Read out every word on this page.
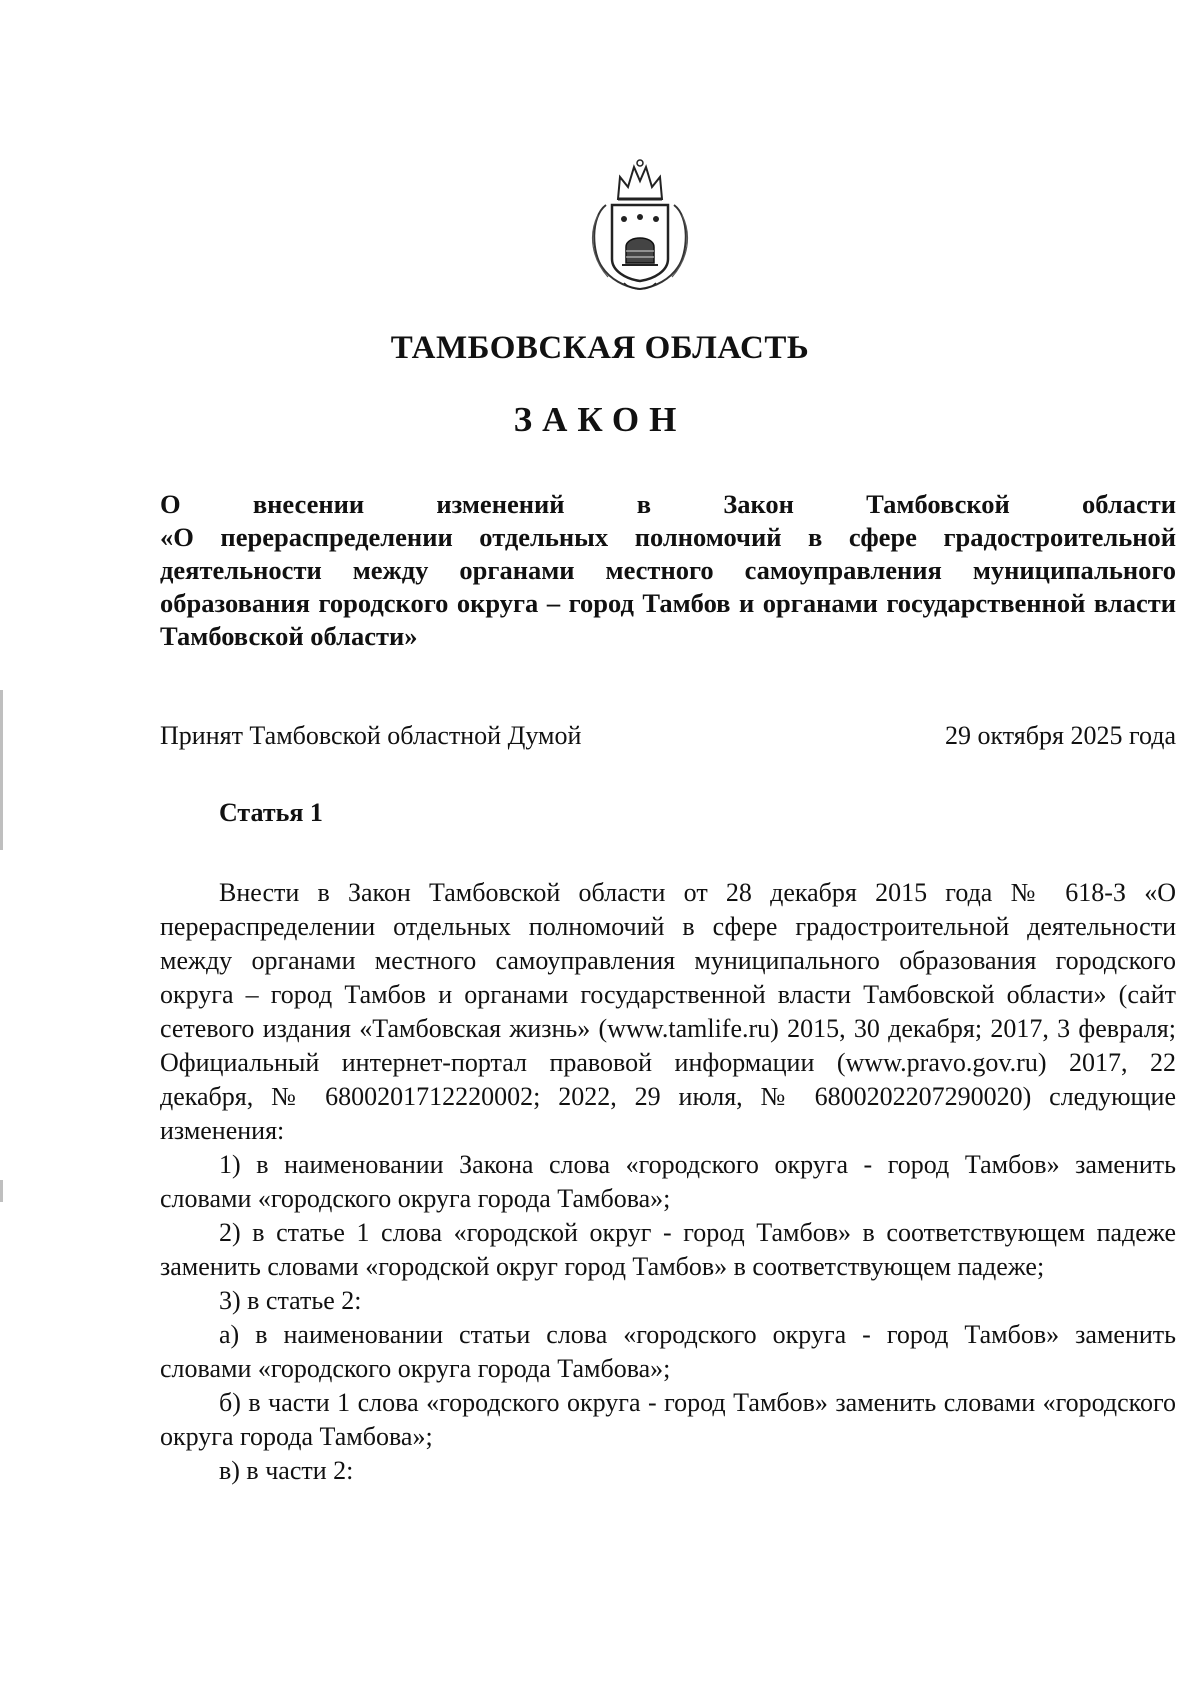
ТАМБОВСКАЯ ОБЛАСТЬ
ЗАКОН
О внесении изменений в Закон Тамбовской области
«О перераспределении отдельных полномочий в сфере градостроительной деятельности между органами местного самоуправления муниципального образования городского округа – город Тамбов и органами государственной власти Тамбовской области»
Принят Тамбовской областной Думой	29 октября 2025 года
Статья 1

Внести в Закон Тамбовской области от 28 декабря 2015 года № 618-З «О перераспределении отдельных полномочий в сфере градостроительной деятельности между органами местного самоуправления муниципального образования городского округа – город Тамбов и органами государственной власти Тамбовской области» (сайт сетевого издания «Тамбовская жизнь» (www.tamlife.ru) 2015, 30 декабря; 2017, 3 февраля; Официальный интернет-портал правовой информации (www.pravo.gov.ru) 2017, 22 декабря, № 6800201712220002; 2022, 29 июля, № 6800202207290020) следующие изменения:

1) в наименовании Закона слова «городского округа - город Тамбов» заменить словами «городского округа города Тамбова»;

2) в статье 1 слова «городской округ - город Тамбов» в соответствующем падеже заменить словами «городской округ город Тамбов» в соответствующем падеже;

3) в статье 2:

а) в наименовании статьи слова «городского округа - город Тамбов» заменить словами «городского округа города Тамбова»;

б) в части 1 слова «городского округа - город Тамбов» заменить словами «городского округа города Тамбова»;

в) в части 2:
